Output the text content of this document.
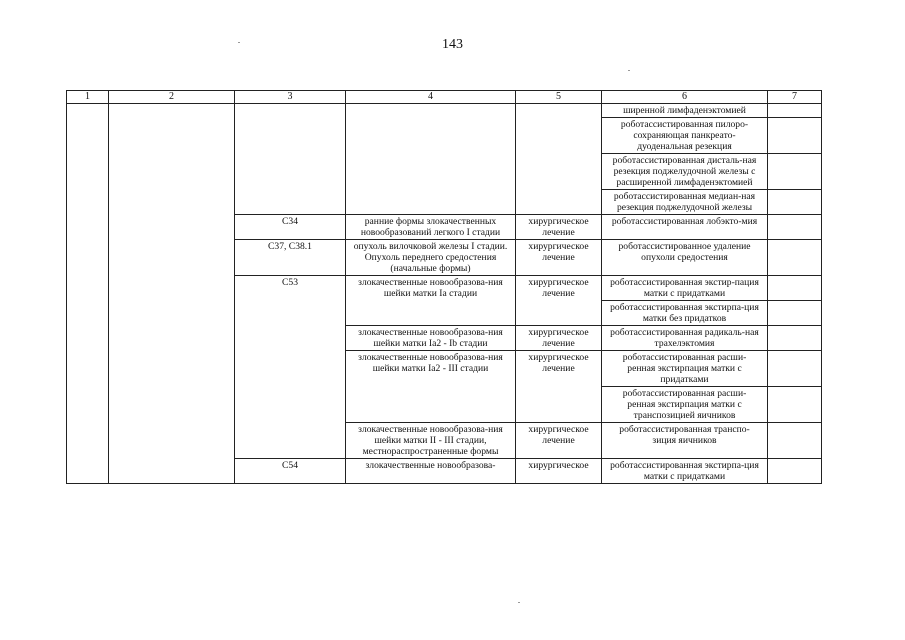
143
1	2	3	4	5	6	7
					ширенной лимфаденэктомией	
					роботассистированная пилоро-сохраняющая панкреато-дуоденальная резекция	
					роботассистированная дисталь-ная резекция поджелудочной железы с расширенной лимфаденэктомией	
					роботассистированная медиан-ная резекция поджелудочной железы	
		C34	ранние формы злокачественных новообразований легкого I стадии	хирургическое лечение	роботассистированная лобэкто-мия	
		C37, C38.1	опухоль вилочковой железы I стадии. Опухоль переднего средостения (начальные формы)	хирургическое лечение	роботассистированное удаление опухоли средостения	
		C53	злокачественные новообразова-ния шейки матки Ia стадии	хирургическое лечение	роботассистированная экстир-пация матки с придатками	
					роботассистированная экстирпа-ция матки без придатков	
			злокачественные новообразова-ния шейки матки Ia2 - Ib стадии	хирургическое лечение	роботассистированная радикаль-ная трахелэктомия	
			злокачественные новообразова-ния шейки матки Ia2 - III стадии	хирургическое лечение	роботассистированная расши-ренная экстирпация матки с придатками	
					роботассистированная расши-ренная экстирпация матки с транспозицией яичников	
			злокачественные новообразова-ния шейки матки II - III стадии, местнораспространенные формы	хирургическое лечение	роботассистированная транспо-зиция яичников	
		C54	злокачественные новообразова-	хирургическое	роботассистированная экстирпа-ция матки с придатками	
